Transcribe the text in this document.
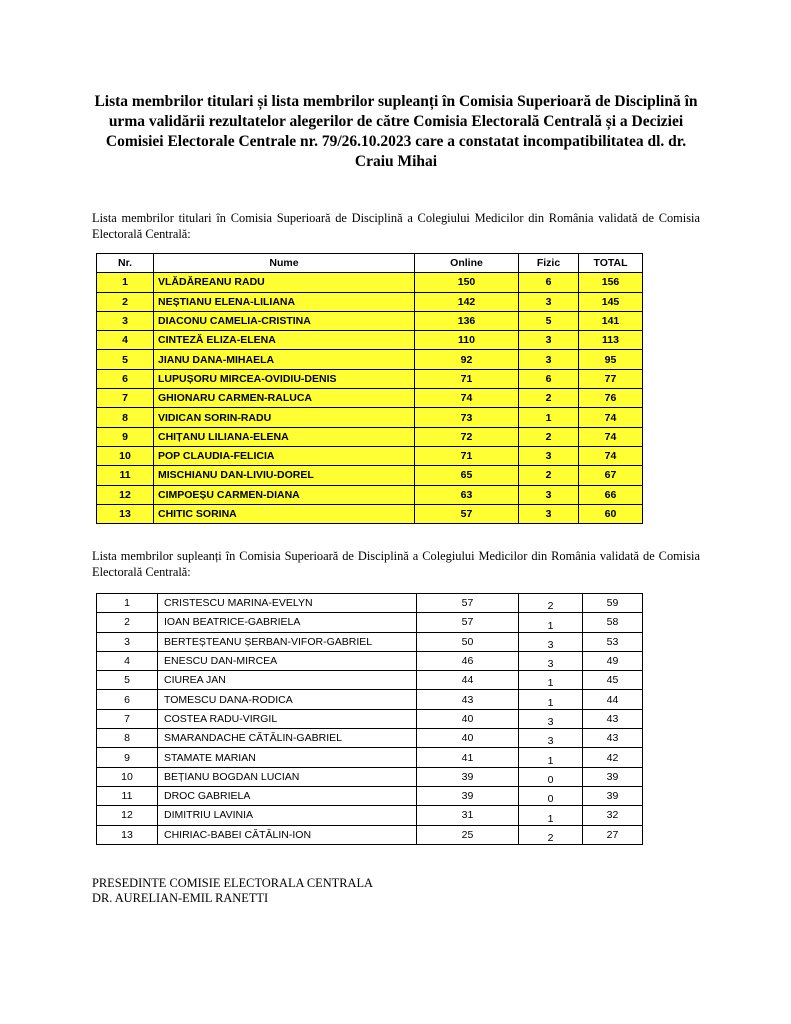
Lista membrilor titulari și lista membrilor supleanți în Comisia Superioară de Disciplină în urma validării rezultatelor alegerilor de către Comisia Electorală Centrală și a Deciziei Comisiei Electorale Centrale nr. 79/26.10.2023 care a constatat incompatibilitatea dl. dr. Craiu Mihai
Lista membrilor titulari în Comisia Superioară de Disciplină a Colegiului Medicilor din România validată de Comisia Electorală Centrală:
Nr.	Nume	Online	Fizic	TOTAL
1	VLĂDĂREANU RADU	150	6	156
2	NEȘTIANU ELENA-LILIANA	142	3	145
3	DIACONU CAMELIA-CRISTINA	136	5	141
4	CINTEZĂ ELIZA-ELENA	110	3	113
5	JIANU DANA-MIHAELA	92	3	95
6	LUPUȘORU MIRCEA-OVIDIU-DENIS	71	6	77
7	GHIONARU CARMEN-RALUCA	74	2	76
8	VIDICAN SORIN-RADU	73	1	74
9	CHIȚANU LILIANA-ELENA	72	2	74
10	POP CLAUDIA-FELICIA	71	3	74
11	MISCHIANU DAN-LIVIU-DOREL	65	2	67
12	CIMPOEȘU CARMEN-DIANA	63	3	66
13	CHITIC SORINA	57	3	60
Lista membrilor supleanți în Comisia Superioară de Disciplină a Colegiului Medicilor din România validată de Comisia Electorală Centrală:
1	CRISTESCU MARINA-EVELYN	57	2	59
2	IOAN BEATRICE-GABRIELA	57	1	58
3	BERTEȘTEANU ȘERBAN-VIFOR-GABRIEL	50	3	53
4	ENESCU DAN-MIRCEA	46	3	49
5	CIUREA JAN	44	1	45
6	TOMESCU DANA-RODICA	43	1	44
7	COSTEA RADU-VIRGIL	40	3	43
8	SMARANDACHE CĂTĂLIN-GABRIEL	40	3	43
9	STAMATE MARIAN	41	1	42
10	BEȚIANU BOGDAN LUCIAN	39	0	39
11	DROC GABRIELA	39	0	39
12	DIMITRIU LAVINIA	31	1	32
13	CHIRIAC-BABEI CĂTĂLIN-ION	25	2	27
PRESEDINTE COMISIE ELECTORALA CENTRALA
DR. AURELIAN-EMIL RANETTI
